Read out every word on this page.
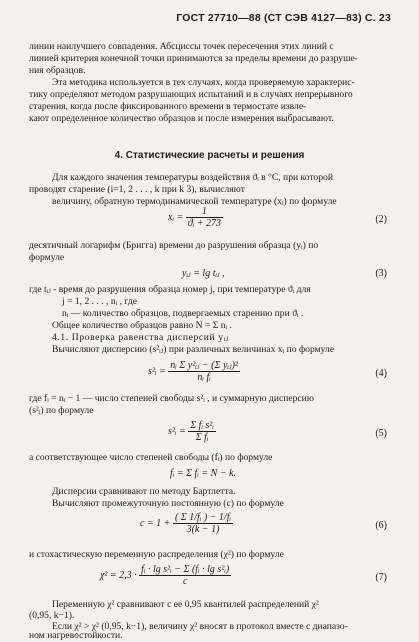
ГОСТ 27710—88 (СТ СЭВ 4127—83) С. 23
линии наилучшего совпадения. Абсциссы точек пересечения этих линий с
линией критерия конечной точки принимаются за пределы времени до разруше-
ния образцов.
Эта методика используется в тех случаях, когда проверяемую характерис-
тику определяют методом разрушающих испытаний и в случаях непрерывного
старения, когда после фиксированного времени в термостате извле-
кают определенное количество образцов и после измерения выбрасывают.
4. Статистические расчеты и решения
Для каждого значения температуры воздействия ϑᵢ в °С, при которой
проводят старение (i=1, 2 . . . , k при k 3), вычисляют
величину, обратную термодинамической температуре (xᵢ) по формуле
xᵢ = $\frac{1}{\text{ϑᵢ + 273}}$	(2)
десятичный логарифм (Бригга) времени до разрушения образца (yᵢ) по
формуле
yᵢⱼ = lg tᵢⱼ ,	(3)
где tᵢⱼ - время до разрушения образца номер j, при температуре ϑᵢ для
j = 1, 2 . . . , nᵢ , где
nᵢ — количество образцов, подвергаемых старению при ϑᵢ .
Общее количество образцов равно N = Σ nᵢ .
4.1. Проверка равенства дисперсий yᵢⱼ
Вычисляют дисперсию (s²ᵢⱼ) при различных величинах xᵢ по формуле
s²ᵢ = $\frac{\text{nᵢ Σ y²ᵢⱼ − (Σ yᵢⱼ)²}}{\text{nᵢ fᵢ}}$	(4)
где fᵢ = nᵢ − 1 — число степеней свободы s²ᵢ , и суммарную дисперсию
(s²ᵢ) по формуле
s²ᵢ = $\frac{\text{Σ fᵢ s²ᵢ}}{\text{Σ fᵢ}}$	(5)
а соответствующее число степеней свободы (fᵢ) по формуле
fᵢ = Σ fᵢ = N − k.
Дисперсии сравнивают по методу Бартлетта.
Вычисляют промежуточную постоянную (с) по формуле
$c = 1 + \frac{\text{( Σ 1/fᵢ ) − 1/fᵢ}}{3(k - 1)}$	(6)
и стохастическую переменную распределения (χ²) по формуле
$\chi^2 = 2,3 \cdot \frac{\text{fᵢ · lg s²ᵢ − Σ (fᵢ · lg s²ᵢ)}}{c}$	(7)
Переменную χ² сравнивают с ее 0,95 квантилей распределений χ²
(0,95, k−1).
Если χ² > χ² (0,95, k−1), величину χ² вносят в протокол вместе с диапазо-
ном нагревостойкости.
